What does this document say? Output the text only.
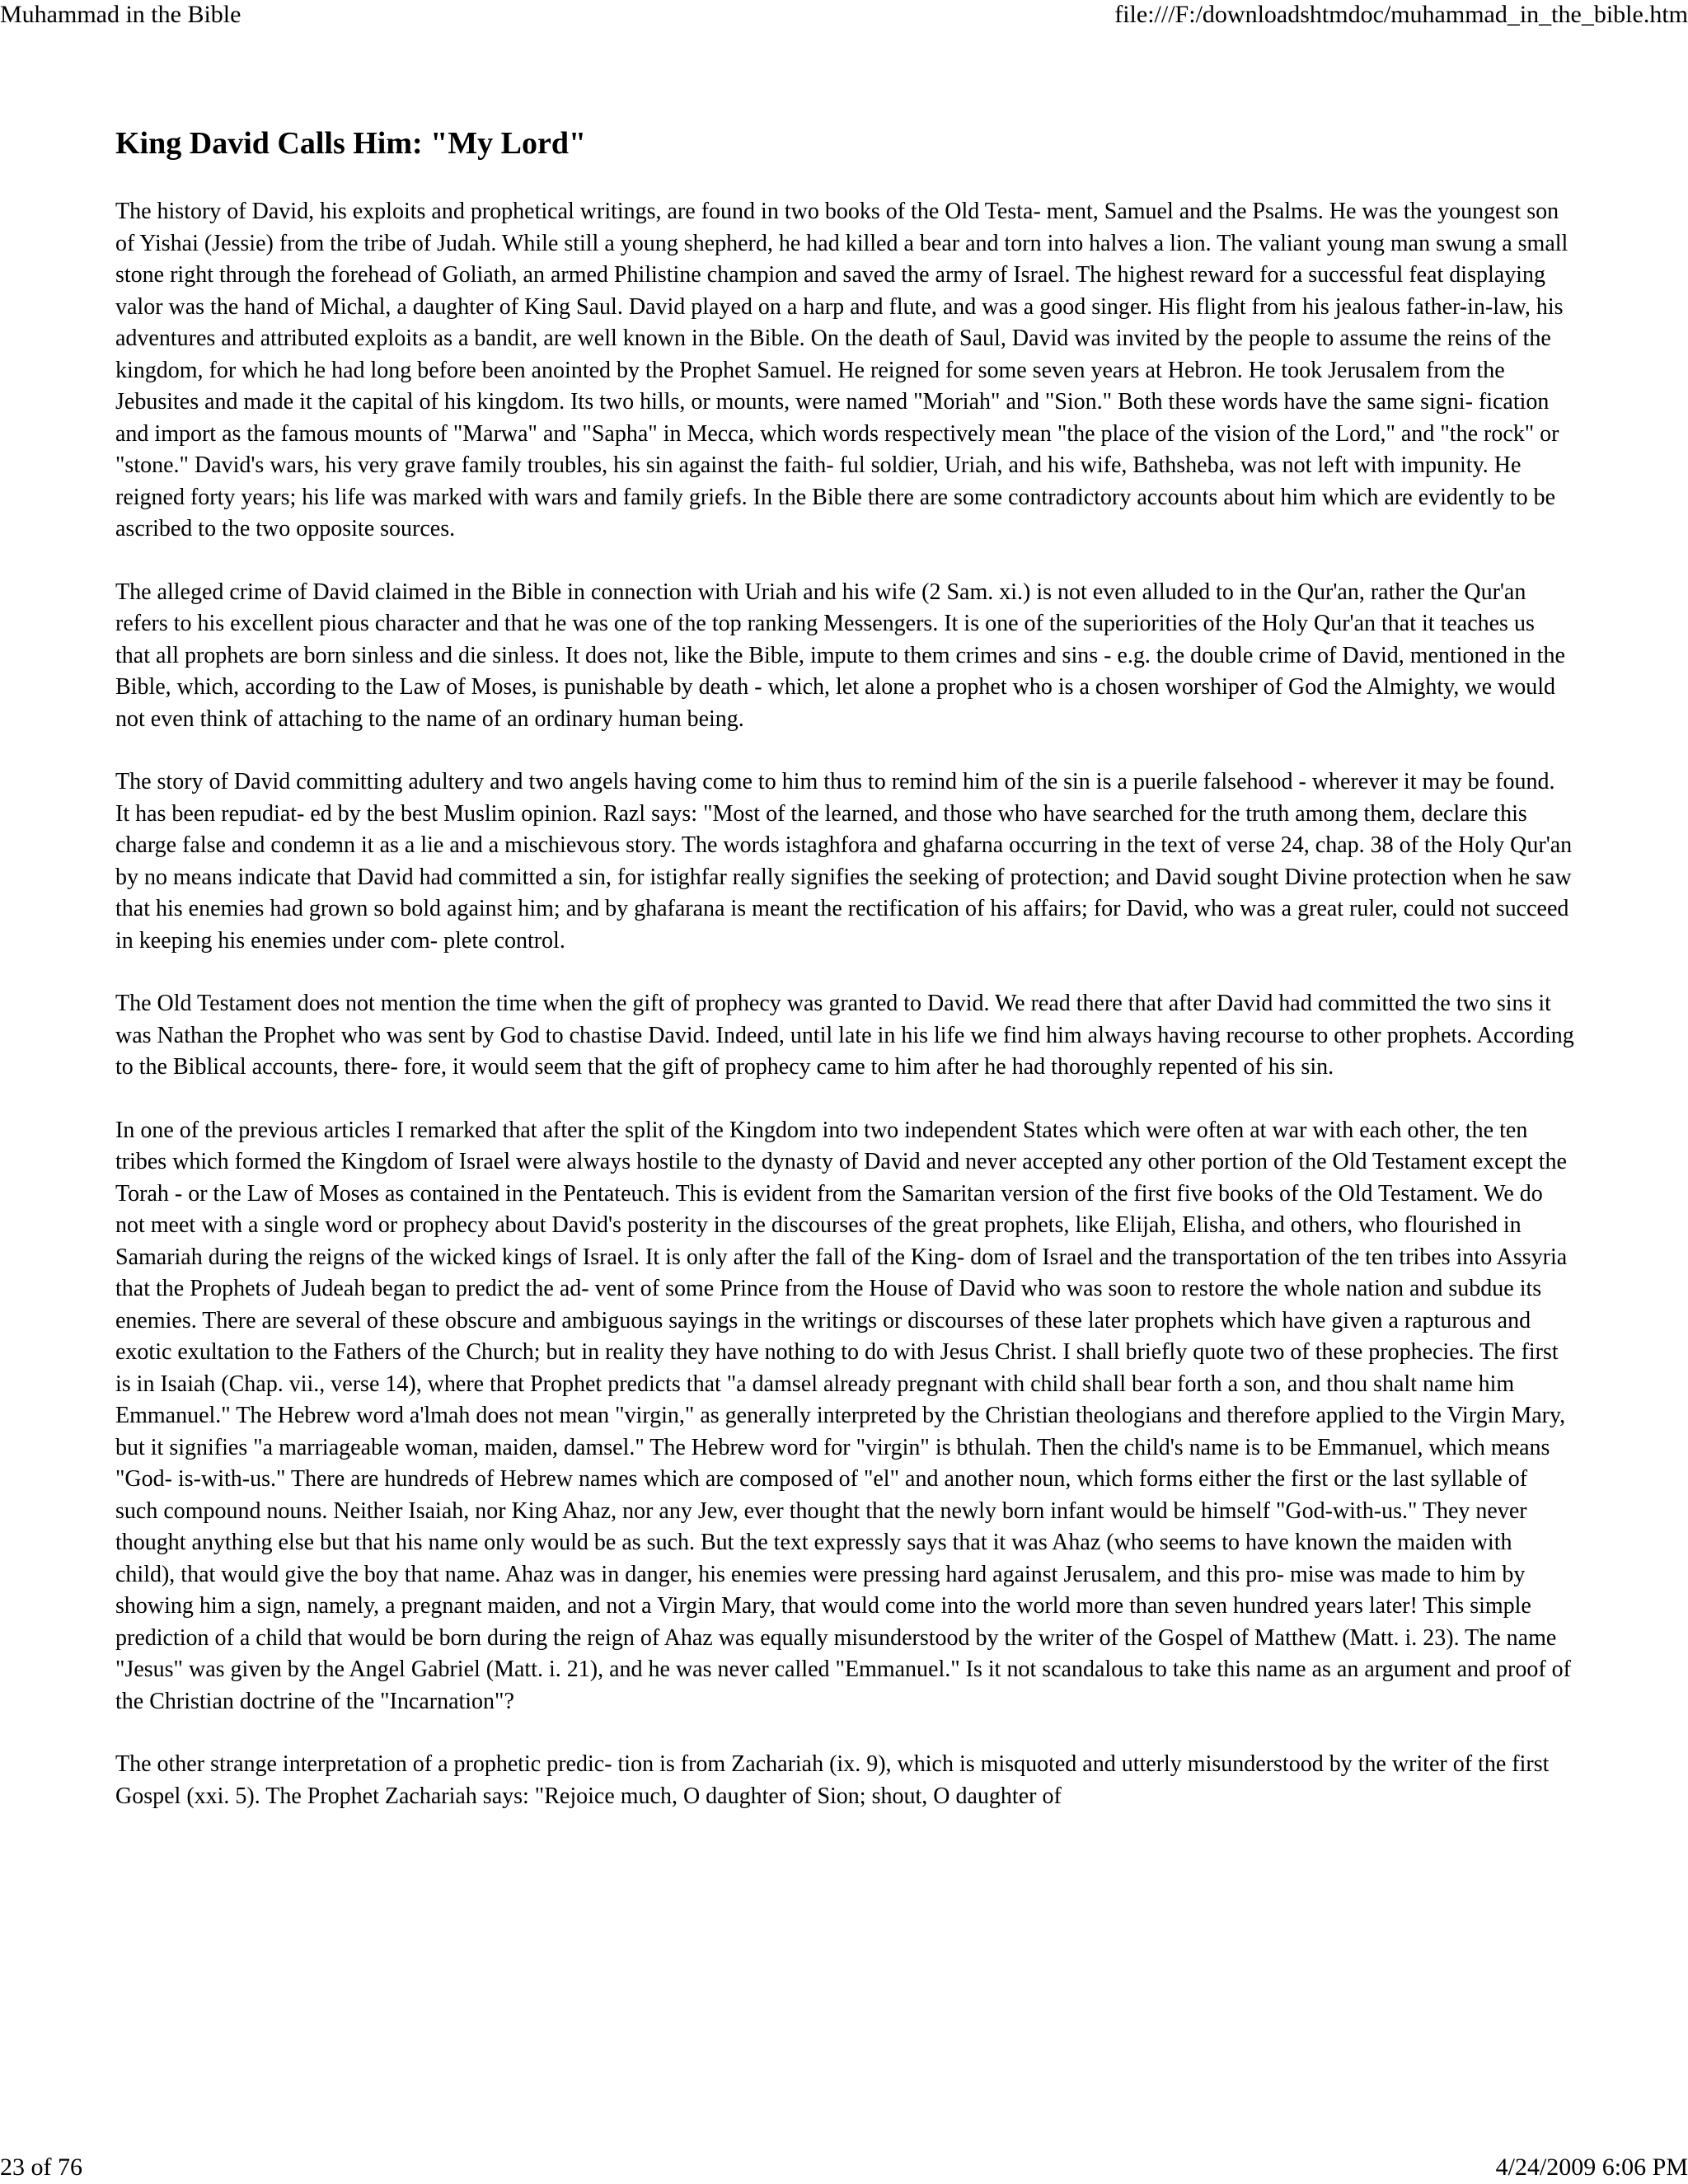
Muhammad in the Bible	file:///F:/downloadshtmdoc/muhammad_in_the_bible.htm
King David Calls Him: "My Lord"

The history of David, his exploits and prophetical writings, are found in two books of the Old Testa- ment, Samuel and the Psalms. He was the youngest son of Yishai (Jessie) from the tribe of Judah. While still a young shepherd, he had killed a bear and torn into halves a lion. The valiant young man swung a small stone right through the forehead of Goliath, an armed Philistine champion and saved the army of Israel. The highest reward for a successful feat displaying valor was the hand of Michal, a daughter of King Saul. David played on a harp and flute, and was a good singer. His flight from his jealous father-in-law, his adventures and attributed exploits as a bandit, are well known in the Bible. On the death of Saul, David was invited by the people to assume the reins of the kingdom, for which he had long before been anointed by the Prophet Samuel. He reigned for some seven years at Hebron. He took Jerusalem from the Jebusites and made it the capital of his kingdom. Its two hills, or mounts, were named "Moriah" and "Sion." Both these words have the same signi- fication and import as the famous mounts of "Marwa" and "Sapha" in Mecca, which words respectively mean "the place of the vision of the Lord," and "the rock" or "stone." David's wars, his very grave family troubles, his sin against the faith- ful soldier, Uriah, and his wife, Bathsheba, was not left with impunity. He reigned forty years; his life was marked with wars and family griefs. In the Bible there are some contradictory accounts about him which are evidently to be ascribed to the two opposite sources.

The alleged crime of David claimed in the Bible in connection with Uriah and his wife (2 Sam. xi.) is not even alluded to in the Qur'an, rather the Qur'an refers to his excellent pious character and that he was one of the top ranking Messengers. It is one of the superiorities of the Holy Qur'an that it teaches us that all prophets are born sinless and die sinless. It does not, like the Bible, impute to them crimes and sins - e.g. the double crime of David, mentioned in the Bible, which, according to the Law of Moses, is punishable by death - which, let alone a prophet who is a chosen worshiper of God the Almighty, we would not even think of attaching to the name of an ordinary human being.

The story of David committing adultery and two angels having come to him thus to remind him of the sin is a puerile falsehood - wherever it may be found. It has been repudiat- ed by the best Muslim opinion. Razl says: "Most of the learned, and those who have searched for the truth among them, declare this charge false and condemn it as a lie and a mischievous story. The words istaghfora and ghafarna occurring in the text of verse 24, chap. 38 of the Holy Qur'an by no means indicate that David had committed a sin, for istighfar really signifies the seeking of protection; and David sought Divine protection when he saw that his enemies had grown so bold against him; and by ghafarana is meant the rectification of his affairs; for David, who was a great ruler, could not succeed in keeping his enemies under com- plete control.

The Old Testament does not mention the time when the gift of prophecy was granted to David. We read there that after David had committed the two sins it was Nathan the Prophet who was sent by God to chastise David. Indeed, until late in his life we find him always having recourse to other prophets. According to the Biblical accounts, there- fore, it would seem that the gift of prophecy came to him after he had thoroughly repented of his sin.

In one of the previous articles I remarked that after the split of the Kingdom into two independent States which were often at war with each other, the ten tribes which formed the Kingdom of Israel were always hostile to the dynasty of David and never accepted any other portion of the Old Testament except the Torah - or the Law of Moses as contained in the Pentateuch. This is evident from the Samaritan version of the first five books of the Old Testament. We do not meet with a single word or prophecy about David's posterity in the discourses of the great prophets, like Elijah, Elisha, and others, who flourished in Samariah during the reigns of the wicked kings of Israel. It is only after the fall of the King- dom of Israel and the transportation of the ten tribes into Assyria that the Prophets of Judeah began to predict the ad- vent of some Prince from the House of David who was soon to restore the whole nation and subdue its enemies. There are several of these obscure and ambiguous sayings in the writings or discourses of these later prophets which have given a rapturous and exotic exultation to the Fathers of the Church; but in reality they have nothing to do with Jesus Christ. I shall briefly quote two of these prophecies. The first is in Isaiah (Chap. vii., verse 14), where that Prophet predicts that "a damsel already pregnant with child shall bear forth a son, and thou shalt name him Emmanuel." The Hebrew word a'lmah does not mean "virgin," as generally interpreted by the Christian theologians and therefore applied to the Virgin Mary, but it signifies "a marriageable woman, maiden, damsel." The Hebrew word for "virgin" is bthulah. Then the child's name is to be Emmanuel, which means "God- is-with-us." There are hundreds of Hebrew names which are composed of "el" and another noun, which forms either the first or the last syllable of such compound nouns. Neither Isaiah, nor King Ahaz, nor any Jew, ever thought that the newly born infant would be himself "God-with-us." They never thought anything else but that his name only would be as such. But the text expressly says that it was Ahaz (who seems to have known the maiden with child), that would give the boy that name. Ahaz was in danger, his enemies were pressing hard against Jerusalem, and this pro- mise was made to him by showing him a sign, namely, a pregnant maiden, and not a Virgin Mary, that would come into the world more than seven hundred years later! This simple prediction of a child that would be born during the reign of Ahaz was equally misunderstood by the writer of the Gospel of Matthew (Matt. i. 23). The name "Jesus" was given by the Angel Gabriel (Matt. i. 21), and he was never called "Emmanuel." Is it not scandalous to take this name as an argument and proof of the Christian doctrine of the "Incarnation"?

The other strange interpretation of a prophetic predic- tion is from Zachariah (ix. 9), which is misquoted and utterly misunderstood by the writer of the first Gospel (xxi. 5). The Prophet Zachariah says: "Rejoice much, O daughter of Sion; shout, O daughter of

23 of 76	4/24/2009 6:06 PM
